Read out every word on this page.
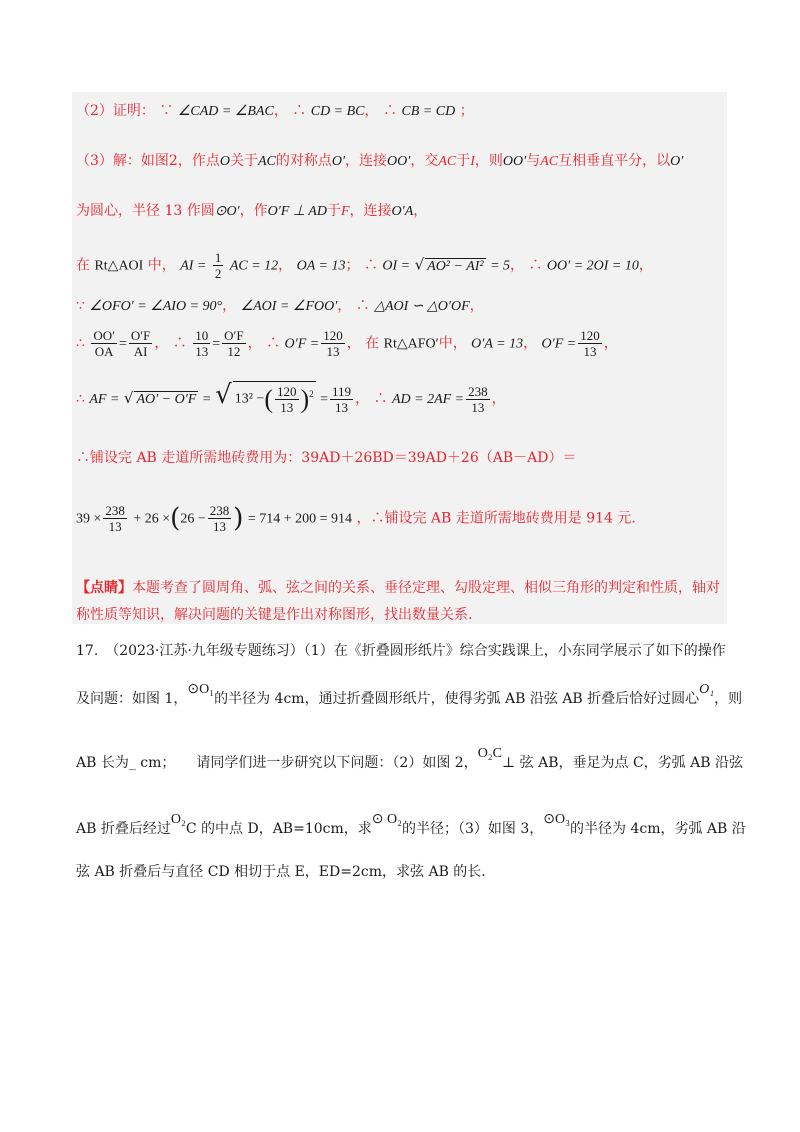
（2）证明： ∵ ∠CAD = ∠BAC， ∴ CD = BC， ∴ CB = CD ；
（3）解：如图2，作点O关于AC的对称点O′，连接OO′，交AC于I，则OO′与AC互相垂直平分，以O′
为圆心，半径 13 作圆⊙O′，作O′F ⊥ AD于F，连接O′A，
在 Rt△AOI 中， AI = $\frac{1}{2}$ AC = 12， OA = 13； ∴ OI = √ AO² − AI² = 5， ∴ OO′ = 2OI = 10，
∵ ∠OFO′ = ∠AIO = 90°， ∠AOI = ∠FOO′， ∴ △AOI ∽ △O′OF，
∴ $\frac{OO'}{OA} = \frac{O'F}{AI}$ ， ∴ $\frac{10}{13} = \frac{O'F}{12}$ ， ∴ $O'F = \frac{120}{13}$ ， 在 Rt△AFO′中， O′A = 13， $O'F = \frac{120}{13}$ ，
∴ AF = √ AO′ − O′F = √ 13² −( $\frac{120}{13} )^2 = \frac{119}{13}$ ， ∴ AD = $2AF = \frac{238}{13}$ ，
∴铺设完 AB 走道所需地砖费用为：39AD＋26BD＝39AD＋26（AB－AD）＝
$39 \times \frac{238}{13} + 26 \times(26 - \frac{238}{13}$ ) = 714 + 200 = 914 ，∴铺设完 AB 走道所需地砖费用是 914 元.
【点睛】本题考查了圆周角、弧、弦之间的关系、垂径定理、勾股定理、相似三角形的判定和性质，轴对
称性质等知识，解决问题的关键是作出对称图形，找出数量关系.
17.　（2023·江苏·九年级专题练习）（1）在《折叠圆形纸片》综合实践课上，小东同学展示了如下的操作
及问题：如图 1，⊙O₁的半径为 4cm，通过折叠圆形纸片，使得劣弧 AB 沿弦 AB 折叠后恰好过圆心O₁，则
AB 长为_ cm；　　请同学们进一步研究以下问题：（2）如图 2，O₂C⊥ 弦 AB，垂足为点 C，劣弧 AB 沿弦
AB 折叠后经过O₂C 的中点 D，AB=10cm，求⊙ O₂的半径；（3）如图 3，⊙O₃的半径为 4cm，劣弧 AB 沿
弦 AB 折叠后与直径 CD 相切于点 E，ED=2cm，求弦 AB 的长.
